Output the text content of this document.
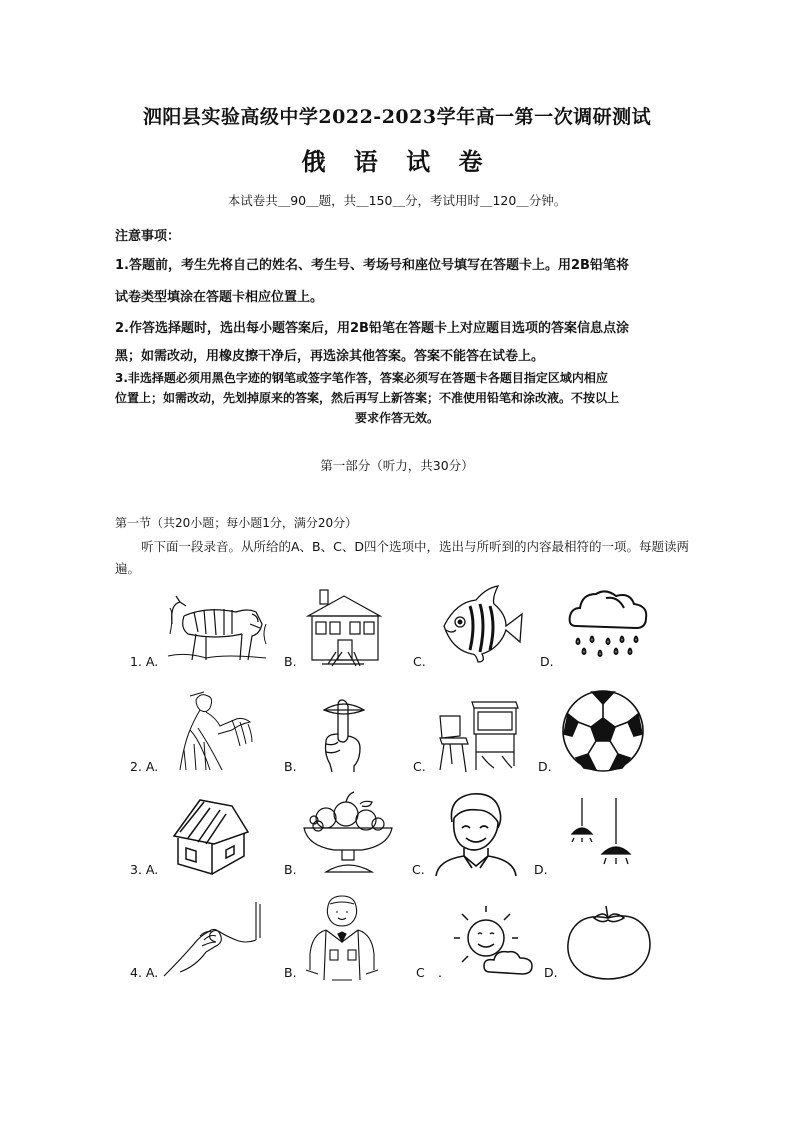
泗阳县实验高级中学2022-2023学年高一第一次调研测试
俄 语 试 卷
本试卷共＿90＿题，共＿150＿分，考试用时＿120＿分钟。
注意事项：
1.答题前，考生先将自己的姓名、考生号、考场号和座位号填写在答题卡上。用2B铅笔将
试卷类型填涂在答题卡相应位置上。
2.作答选择题时，选出每小题答案后，用2B铅笔在答题卡上对应题目选项的答案信息点涂
黑；如需改动，用橡皮擦干净后，再选涂其他答案。答案不能答在试卷上。
3.非选择题必须用黑色字迹的钢笔或签字笔作答，答案必须写在答题卡各题目指定区域内相应
位置上；如需改动，先划掉原来的答案，然后再写上新答案；不准使用铅笔和涂改液。不按以上
要求作答无效。
第一部分（听力，共30分）
第一节（共20小题；每小题1分，满分20分）
听下面一段录音。从所给的A、B、C、D四个选项中，选出与所听到的内容最相符的一项。每题读两遍。
1. A.	B.	C.	D.
2. A.	B.	C.	D.
3. A.	B.	C.	D.
4. A.	B.	C .	D.
